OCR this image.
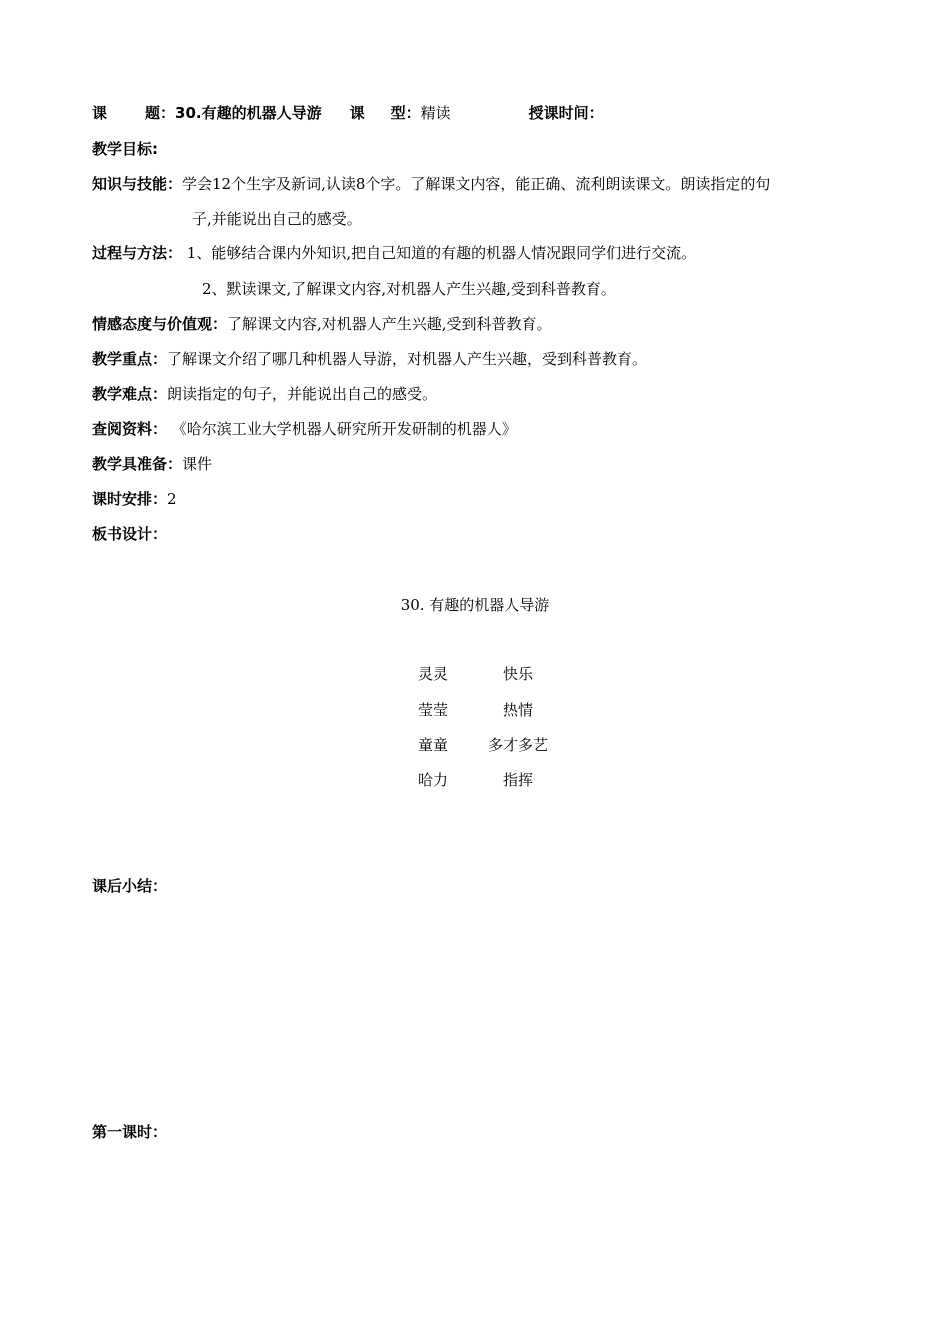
课	题：30.有趣的机器人导游 课 型：精读	授课时间：
教学目标:
知识与技能：学会12个生字及新词,认读8个字。了解课文内容，能正确、流利朗读课文。朗读指定的句
子,并能说出自己的感受。
过程与方法： 1、能够结合课内外知识,把自己知道的有趣的机器人情况跟同学们进行交流。
2、默读课文,了解课文内容,对机器人产生兴趣,受到科普教育。
情感态度与价值观：了解课文内容,对机器人产生兴趣,受到科普教育。
教学重点：了解课文介绍了哪几种机器人导游，对机器人产生兴趣，受到科普教育。
教学难点：朗读指定的句子，并能说出自己的感受。
查阅资料： 《哈尔滨工业大学机器人研究所开发研制的机器人》
教学具准备：课件
课时安排：2
板书设计：
30. 有趣的机器人导游
灵灵	快乐
莹莹	热情
童童	多才多艺
哈力	指挥
课后小结：
第一课时：
